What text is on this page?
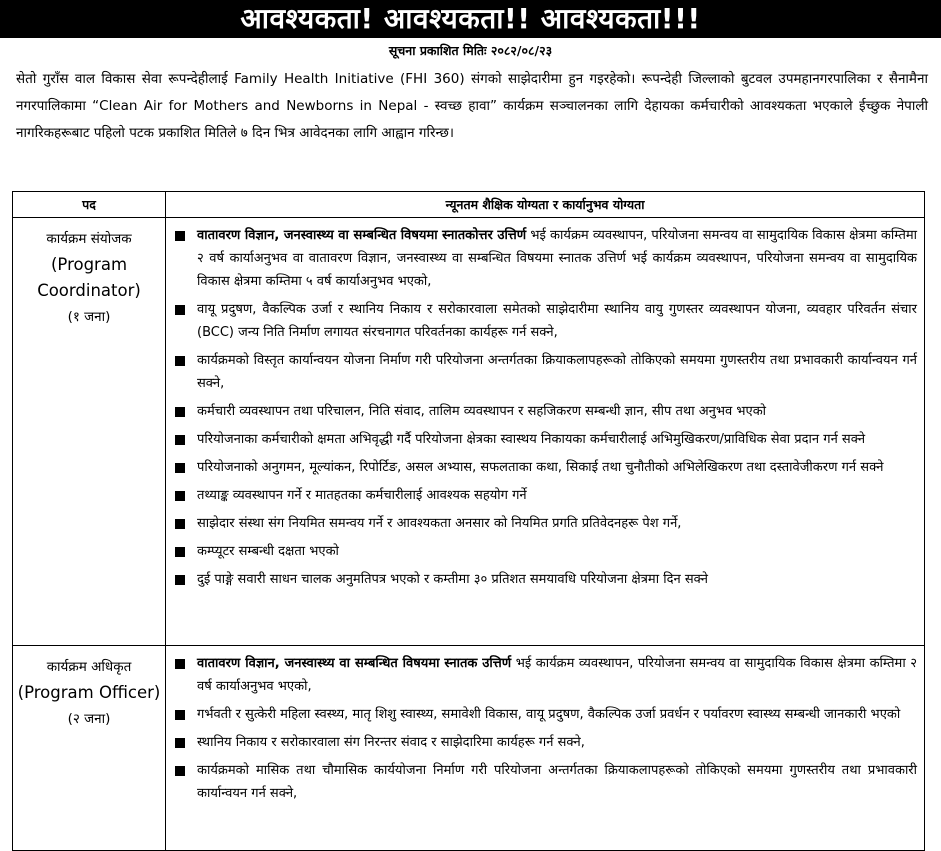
आवश्यकता! आवश्यकता!! आवश्यकता!!!
सूचना प्रकाशित मितिः २०८२/०८/२३
सेतो गुराँस वाल विकास सेवा रूपन्देहीलाई Family Health Initiative (FHI 360) संगको साझेदारीमा हुन गइरहेको। रूपन्देही जिल्लाको बुटवल उपमहानगरपालिका र सैनामैना नगरपालिकामा “Clean Air for Mothers and Newborns in Nepal - स्वच्छ हावा” कार्यक्रम सञ्चालनका लागि देहायका कर्मचारीको आवश्यकता भएकाले ईच्छुक नेपाली नागरिकहरूबाट पहिलो पटक प्रकाशित मितिले ७ दिन भित्र आवेदनका लागि आह्वान गरिन्छ।
पद	न्यूनतम शैक्षिक योग्यता र कार्यानुभव योग्यता
कार्यक्रम संयोजक
(Program Coordinator)
(१ जना)
वातावरण विज्ञान, जनस्वास्थ्य वा सम्बन्धित विषयमा स्नातकोत्तर उत्तिर्ण भई कार्यक्रम व्यवस्थापन, परियोजना समन्वय वा सामुदायिक विकास क्षेत्रमा कम्तिमा २ वर्ष कार्याअनुभव वा वातावरण विज्ञान, जनस्वास्थ्य वा सम्बन्धित विषयमा स्नातक उत्तिर्ण भई कार्यक्रम व्यवस्थापन, परियोजना समन्वय वा सामुदायिक विकास क्षेत्रमा कम्तिमा ५ वर्ष कार्याअनुभव भएको,
वायू प्रदुषण, वैकल्पिक उर्जा र स्थानिय निकाय र सरोकारवाला समेतको साझेदारीमा स्थानिय वायु गुणस्तर व्यवस्थापन योजना, व्यवहार परिवर्तन संचार (BCC) जन्य निति निर्माण लगायत संरचनागत परिवर्तनका कार्यहरू गर्न सक्ने,
कार्यक्रमको विस्तृत कार्यान्वयन योजना निर्माण गरी परियोजना अन्तर्गतका क्रियाकलापहरूको तोकिएको समयमा गुणस्तरीय तथा प्रभावकारी कार्यान्वयन गर्न सक्ने,
कर्मचारी व्यवस्थापन तथा परिचालन, निति संवाद, तालिम व्यवस्थापन र सहजिकरण सम्बन्धी ज्ञान, सीप तथा अनुभव भएको
परियोजनाका कर्मचारीको क्षमता अभिवृद्धी गर्दै परियोजना क्षेत्रका स्वास्थय निकायका कर्मचारीलाई अभिमुखिकरण/प्राविधिक सेवा प्रदान गर्न सक्ने
परियोजनाको अनुगमन, मूल्यांकन, रिपोर्टिङ, असल अभ्यास, सफलताका कथा, सिकाई तथा चुनौतीको अभिलेखिकरण तथा दस्तावेजीकरण गर्न सक्ने
तथ्याङ्क व्यवस्थापन गर्ने र मातहतका कर्मचारीलाई आवश्यक सहयोग गर्ने
साझेदार संस्था संग नियमित समन्वय गर्ने र आवश्यकता अनसार को नियमित प्रगति प्रतिवेदनहरू पेश गर्ने,
कम्प्यूटर सम्बन्धी दक्षता भएको
दुई पाङ्गे सवारी साधन चालक अनुमतिपत्र भएको र कम्तीमा ३० प्रतिशत समयावधि परियोजना क्षेत्रमा दिन सक्ने
कार्यक्रम अधिकृत
(Program Officer)
(२ जना)
वातावरण विज्ञान, जनस्वास्थ्य वा सम्बन्धित विषयमा स्नातक उत्तिर्ण भई कार्यक्रम व्यवस्थापन, परियोजना समन्वय वा सामुदायिक विकास क्षेत्रमा कम्तिमा २ वर्ष कार्याअनुभव भएको,
गर्भवती र सुत्केरी महिला स्वस्थ्य, मातृ शिशु स्वास्थ्य, समावेशी विकास, वायू प्रदुषण, वैकल्पिक उर्जा प्रवर्धन र पर्यावरण स्वास्थ्य सम्बन्धी जानकारी भएको
स्थानिय निकाय र सरोकारवाला संग निरन्तर संवाद र साझेदारिमा कार्यहरू गर्न सक्ने,
कार्यक्रमको मासिक तथा चौमासिक कार्ययोजना निर्माण गरी परियोजना अन्तर्गतका क्रियाकलापहरूको तोकिएको समयमा गुणस्तरीय तथा प्रभावकारी कार्यान्वयन गर्न सक्ने,
